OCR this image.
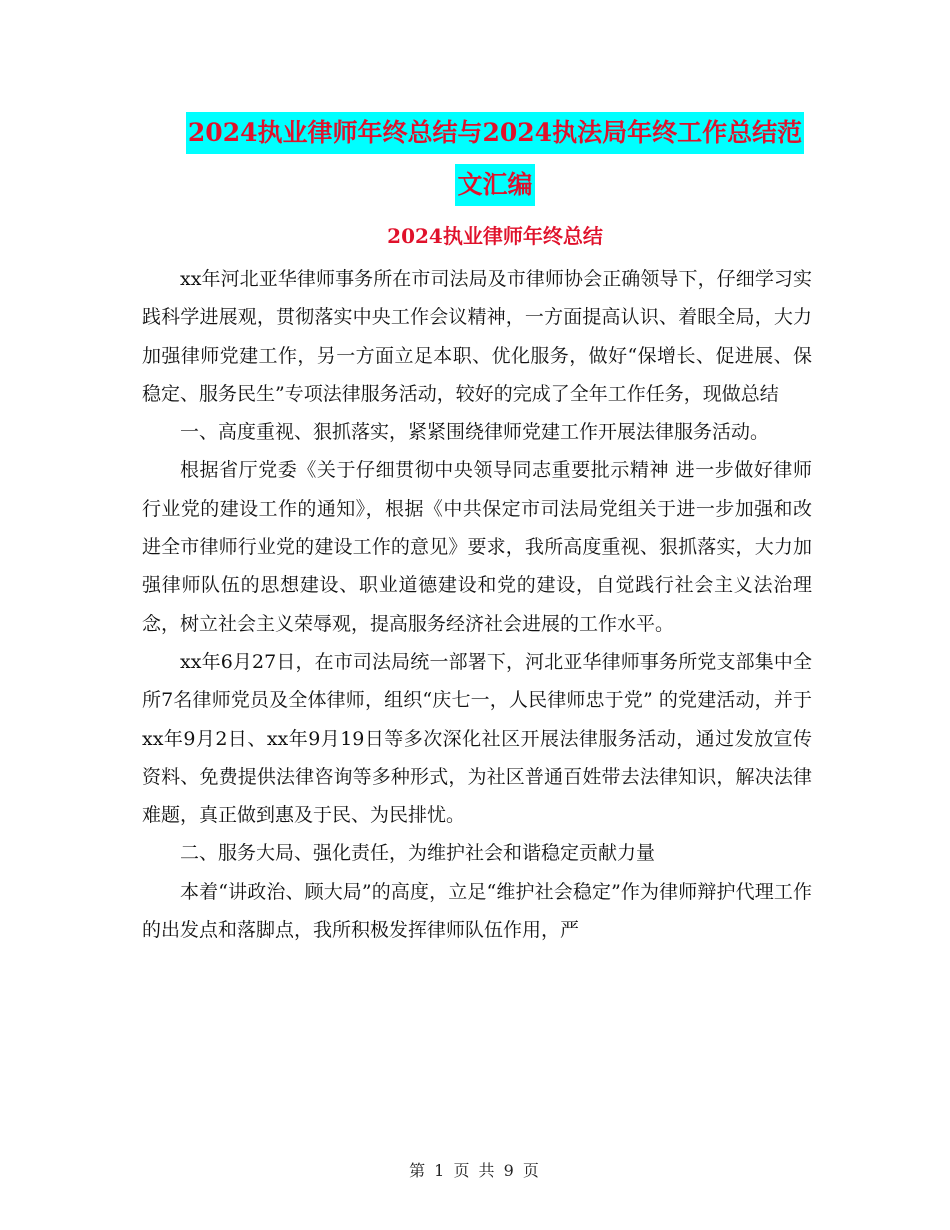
2024执业律师年终总结与2024执法局年终工作总结范
文汇编
2024执业律师年终总结

xx年河北亚华律师事务所在市司法局及市律师协会正确领导下，仔细学习实践科学进展观，贯彻落实中央工作会议精神，一方面提高认识、着眼全局，大力加强律师党建工作，另一方面立足本职、优化服务，做好“保增长、促进展、保稳定、服务民生”专项法律服务活动，较好的完成了全年工作任务，现做总结

一、高度重视、狠抓落实，紧紧围绕律师党建工作开展法律服务活动。

根据省厅党委《关于仔细贯彻中央领导同志重要批示精神 进一步做好律师行业党的建设工作的通知》，根据《中共保定市司法局党组关于进一步加强和改进全市律师行业党的建设工作的意见》要求，我所高度重视、狠抓落实，大力加强律师队伍的思想建设、职业道德建设和党的建设，自觉践行社会主义法治理念，树立社会主义荣辱观，提高服务经济社会进展的工作水平。

xx年6月27日，在市司法局统一部署下，河北亚华律师事务所党支部集中全所7名律师党员及全体律师，组织“庆七一，人民律师忠于党” 的党建活动，并于xx年9月2日、xx年9月19日等多次深化社区开展法律服务活动，通过发放宣传资料、免费提供法律咨询等多种形式，为社区普通百姓带去法律知识，解决法律难题，真正做到惠及于民、为民排忧。

二、服务大局、强化责任，为维护社会和谐稳定贡献力量

本着“讲政治、顾大局”的高度，立足“维护社会稳定”作为律师辩护代理工作的出发点和落脚点，我所积极发挥律师队伍作用，严

第 1 页 共 9 页
